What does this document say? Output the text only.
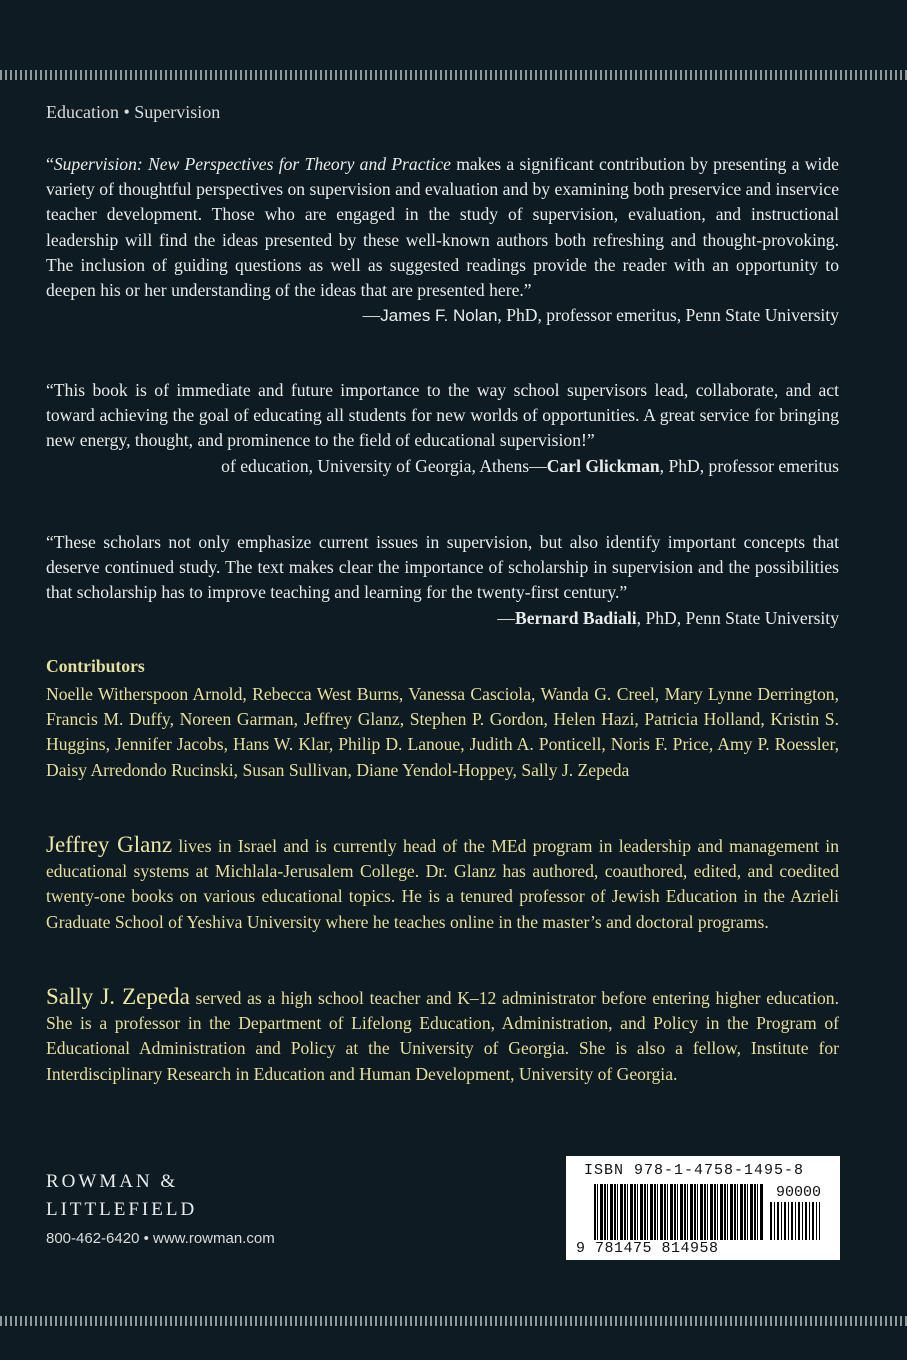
Education • Supervision

“Supervision: New Perspectives for Theory and Practice makes a significant contribution by presenting a wide variety of thoughtful perspectives on supervision and evaluation and by examining both preservice and inservice teacher development. Those who are engaged in the study of supervision, evaluation, and instructional leadership will find the ideas presented by these well-known authors both refreshing and thought-provoking. The inclusion of guiding questions as well as suggested readings provide the reader with an opportunity to deepen his or her understanding of the ideas that are presented here.”

—James F. Nolan, PhD, professor emeritus, Penn State University

“This book is of immediate and future importance to the way school supervisors lead, collaborate, and act toward achieving the goal of educating all students for new worlds of opportunities. A great service for bringing new energy, thought, and prominence to the field of educational supervision!”
—Carl Glickman, PhD, professor emeritus

of education, University of Georgia, Athens

“These scholars not only emphasize current issues in supervision, but also identify important concepts that deserve continued study. The text makes clear the importance of scholarship in supervision and the possibilities that scholarship has to improve teaching and learning for the twenty-first century.”
—Bernard Badiali, PhD, Penn State University

Contributors

Noelle Witherspoon Arnold, Rebecca West Burns, Vanessa Casciola, Wanda G. Creel, Mary Lynne Derrington, Francis M. Duffy, Noreen Garman, Jeffrey Glanz, Stephen P. Gordon, Helen Hazi, Patricia Holland, Kristin S. Huggins, Jennifer Jacobs, Hans W. Klar, Philip D. Lanoue, Judith A. Ponticell, Noris F. Price, Amy P. Roessler, Daisy Arredondo Rucinski, Susan Sullivan, Diane Yendol-Hoppey, Sally J. Zepeda

Jeffrey Glanz lives in Israel and is currently head of the MEd program in leadership and management in educational systems at Michlala-Jerusalem College. Dr. Glanz has authored, coauthored, edited, and coedited twenty-one books on various educational topics. He is a tenured professor of Jewish Education in the Azrieli Graduate School of Yeshiva University where he teaches online in the master’s and doctoral programs.

Sally J. Zepeda served as a high school teacher and K–12 administrator before entering higher education. She is a professor in the Department of Lifelong Education, Administration, and Policy in the Program of Educational Administration and Policy at the University of Georgia. She is also a fellow, Institute for Interdisciplinary Research in Education and Human Development, University of Georgia.

ROWMAN &
LITTLEFIELD
800-462-6420 • www.rowman.com
ISBN 978-1-4758-1495-8
90000
9 781475 814958
